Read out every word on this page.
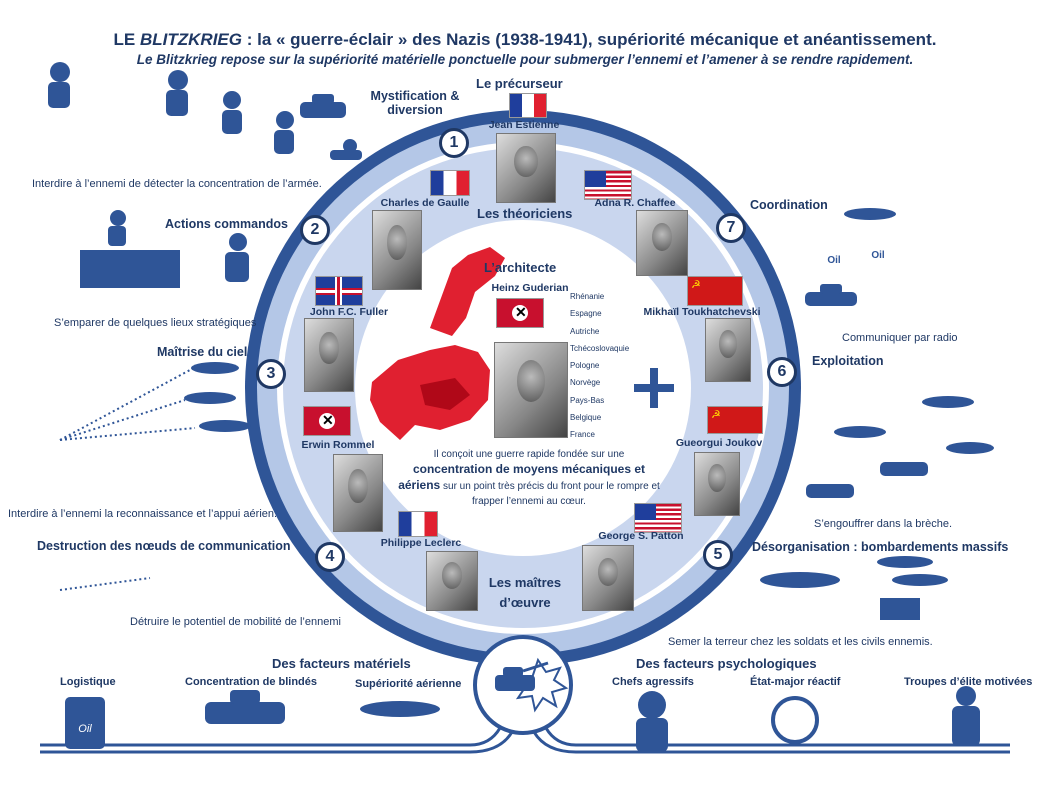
LE BLITZKRIEG : la « guerre-éclair » des Nazis (1938-1941), supériorité mécanique et anéantissement.
Le Blitzkrieg repose sur la supériorité matérielle ponctuelle pour submerger l’ennemi et l’amener à se rendre rapidement.
Oil
Oil	Oil
1
2
3
4	5
6
7
Mystification & diversion
Interdire à l’ennemi de détecter la concentration de l’armée.
Actions commandos
S’emparer de quelques lieux stratégiques
Maîtrise du ciel
Interdire à l’ennemi la reconnaissance et l’appui aérien.
Destruction des nœuds de communication
Détruire le potentiel de mobilité de l’ennemi
Désorganisation : bombardements massifs
Semer la terreur chez les soldats et les civils ennemis.
Exploitation
S’engouffrer dans la brèche.
Coordination
Communiquer par radio
Le précurseur
Les théoriciens
L’architecte
Les maîtres d’œuvre
☭
✕
✕
☭
Jean Estienne
Charles de Gaulle	Adna R. Chaffee
John F.C. Fuller	Mikhaïl Toukhatchevski
Heinz Guderian
Erwin Rommel	Gueorgui Joukov
Philippe Leclerc
George S. Patton
Rhénanie
Espagne
Autriche
Tchécoslovaquie
Pologne
Norvège
Pays-Bas
Belgique
France
Il conçoit une guerre rapide fondée sur une
concentration de moyens mécaniques et aériens sur un point très précis du front pour le rompre et frapper l’ennemi au cœur.
Des facteurs matériels	Des facteurs psychologiques
Logistique	Concentration de blindés	Supériorité aérienne	Chefs agressifs	État-major réactif	Troupes d’élite motivées
